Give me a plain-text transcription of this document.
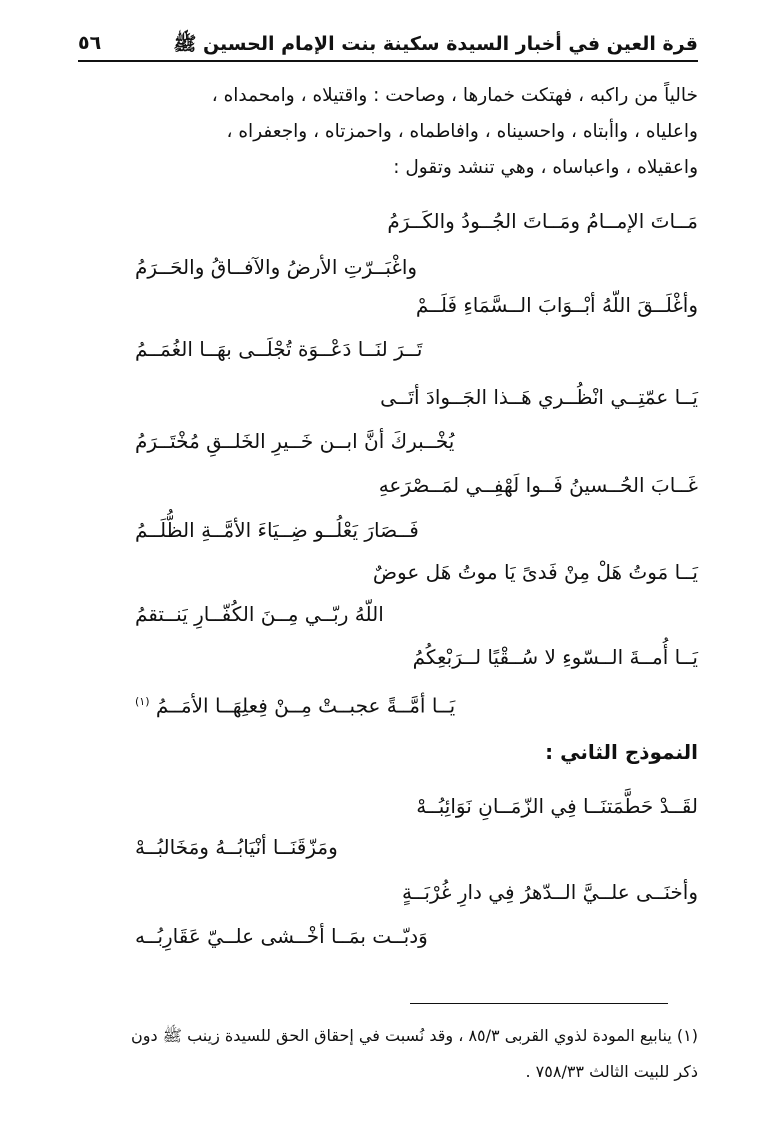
قرة العين في أخبار السيدة سكينة بنت الإمام الحسين ﷺ
٥٦
خالياً من راكبه ، فهتكت خمارها ، وصاحت : واقتيلاه ، وامحمداه ،
واعلياه ، واأبتاه ، واحسيناه ، وافاطماه ، واحمزتاه ، واجعفراه ،
واعقيلاه ، واعباساه ، وهي تنشد وتقول :
مَــاتَ الإمــامُ ومَــاتَ الجُــودُ والكَــرَمُ
واغْبَــرّتِ الأرضُ والآفــاقُ والحَــرَمُ
وأغْلَــقَ اللّهُ أبْــوَابَ الــسَّمَاءِ فَلَــمْ
تَــرَ لنَــا دَعْــوَة تُجْلَــى بهَــا الغُمَــمُ
يَــا عمّتِــي انْظُــري هَــذا الجَــوادَ أتَــى
يُخْــبركَ أنَّ ابــن خَــيرِ الخَلــقِ مُخْتَــرَمُ
غَــابَ الحُــسينُ فَــوا لَهْفِــي لمَــصْرَعهِ
فَــصَارَ يَعْلُــو ضِــيَاءَ الأمَّــةِ الظُّلَــمُ
يَــا مَوتُ هَلْ مِنْ فَدىً يَا موتُ هَل عوضٌ
اللّهُ ربّــي مِــنَ الكُفّــارِ يَنــتقمُ
يَــا أُمــةَ الــسّوءِ لا سُــقْيًا لــرَبْعِكُمُ
يَــا أمَّــةً عجبــتْ مِــنْ فِعلِهَــا الأمَــمُ $^{(١)}$
النموذج الثاني :
لقَــدْ حَطَّمَتنَــا فِي الزّمَــانِ نَوَائِبُــهْ
ومَزّقَنَــا أنْيَابُــهُ ومَخَالبُــهْ
وأخنَــى علــيَّ الــدّهرُ فِي دارِ غُرْبَــةٍ
وَدبّــت بمَــا أخْــشى علــيّ عَقَارِبُــه
(١) ينابيع المودة لذوي القربى ٨٥/٣ ، وقد نُسبت في إحقاق الحق للسيدة زينب ﷺ دون
ذكر للبيت الثالث ٧٥٨/٣٣ .
